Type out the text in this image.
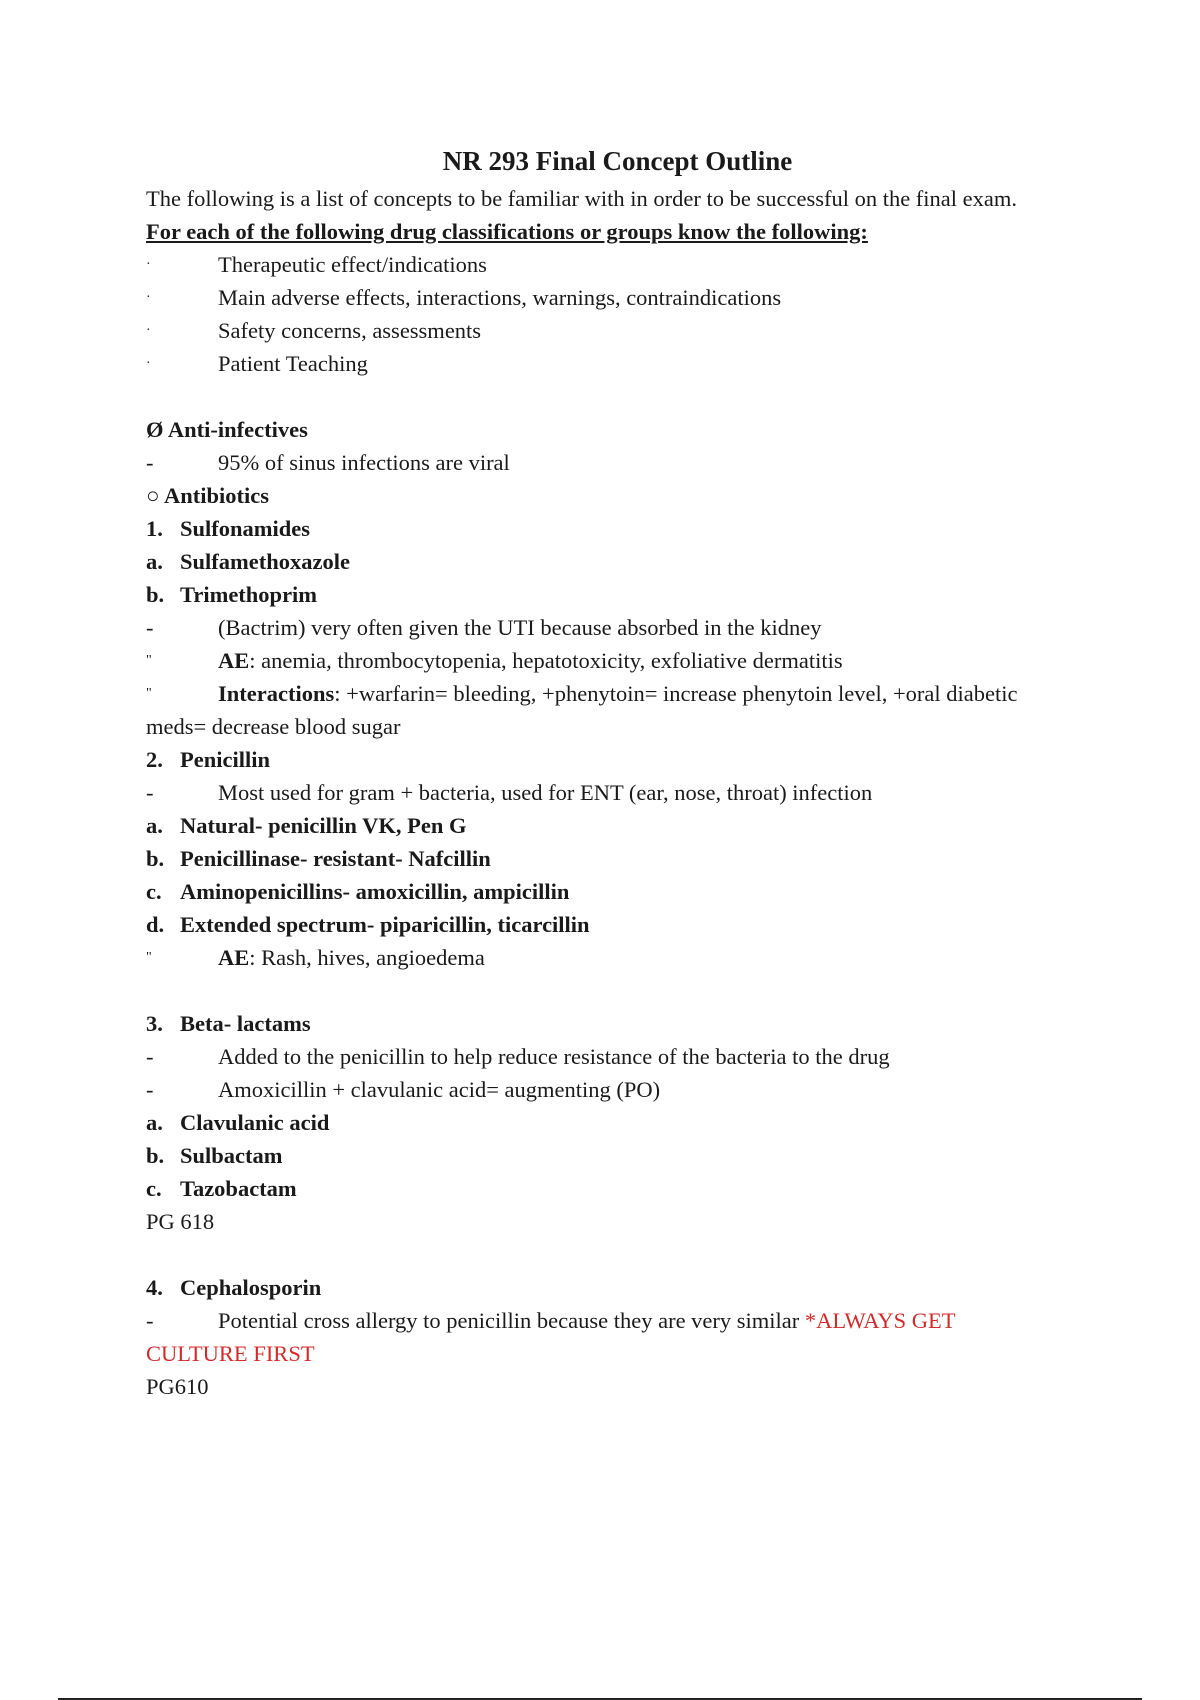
NR 293 Final Concept Outline
The following is a list of concepts to be familiar with in order to be successful on the final exam.
For each of the following drug classifications or groups know the following:
·	Therapeutic effect/indications
·	Main adverse effects, interactions, warnings, contraindications
·	Safety concerns, assessments
·	Patient Teaching
Ø Anti-infectives
-	95% of sinus infections are viral
○ Antibiotics
1. Sulfonamides
a. Sulfamethoxazole
b. Trimethoprim
-	(Bactrim) very often given the UTI because absorbed in the kidney
"	AE: anemia, thrombocytopenia, hepatotoxicity, exfoliative dermatitis
"	Interactions: +warfarin= bleeding, +phenytoin= increase phenytoin level, +oral diabetic
meds= decrease blood sugar
2. Penicillin
-	Most used for gram + bacteria, used for ENT (ear, nose, throat) infection
a. Natural- penicillin VK, Pen G
b. Penicillinase- resistant- Nafcillin
c. Aminopenicillins- amoxicillin, ampicillin
d. Extended spectrum- piparicillin, ticarcillin
"	AE: Rash, hives, angioedema
3. Beta- lactams
-	Added to the penicillin to help reduce resistance of the bacteria to the drug
-	Amoxicillin + clavulanic acid= augmenting (PO)
a. Clavulanic acid
b. Sulbactam
c. Tazobactam
PG 618
4. Cephalosporin
-	Potential cross allergy to penicillin because they are very similar *ALWAYS GET
CULTURE FIRST
PG610
